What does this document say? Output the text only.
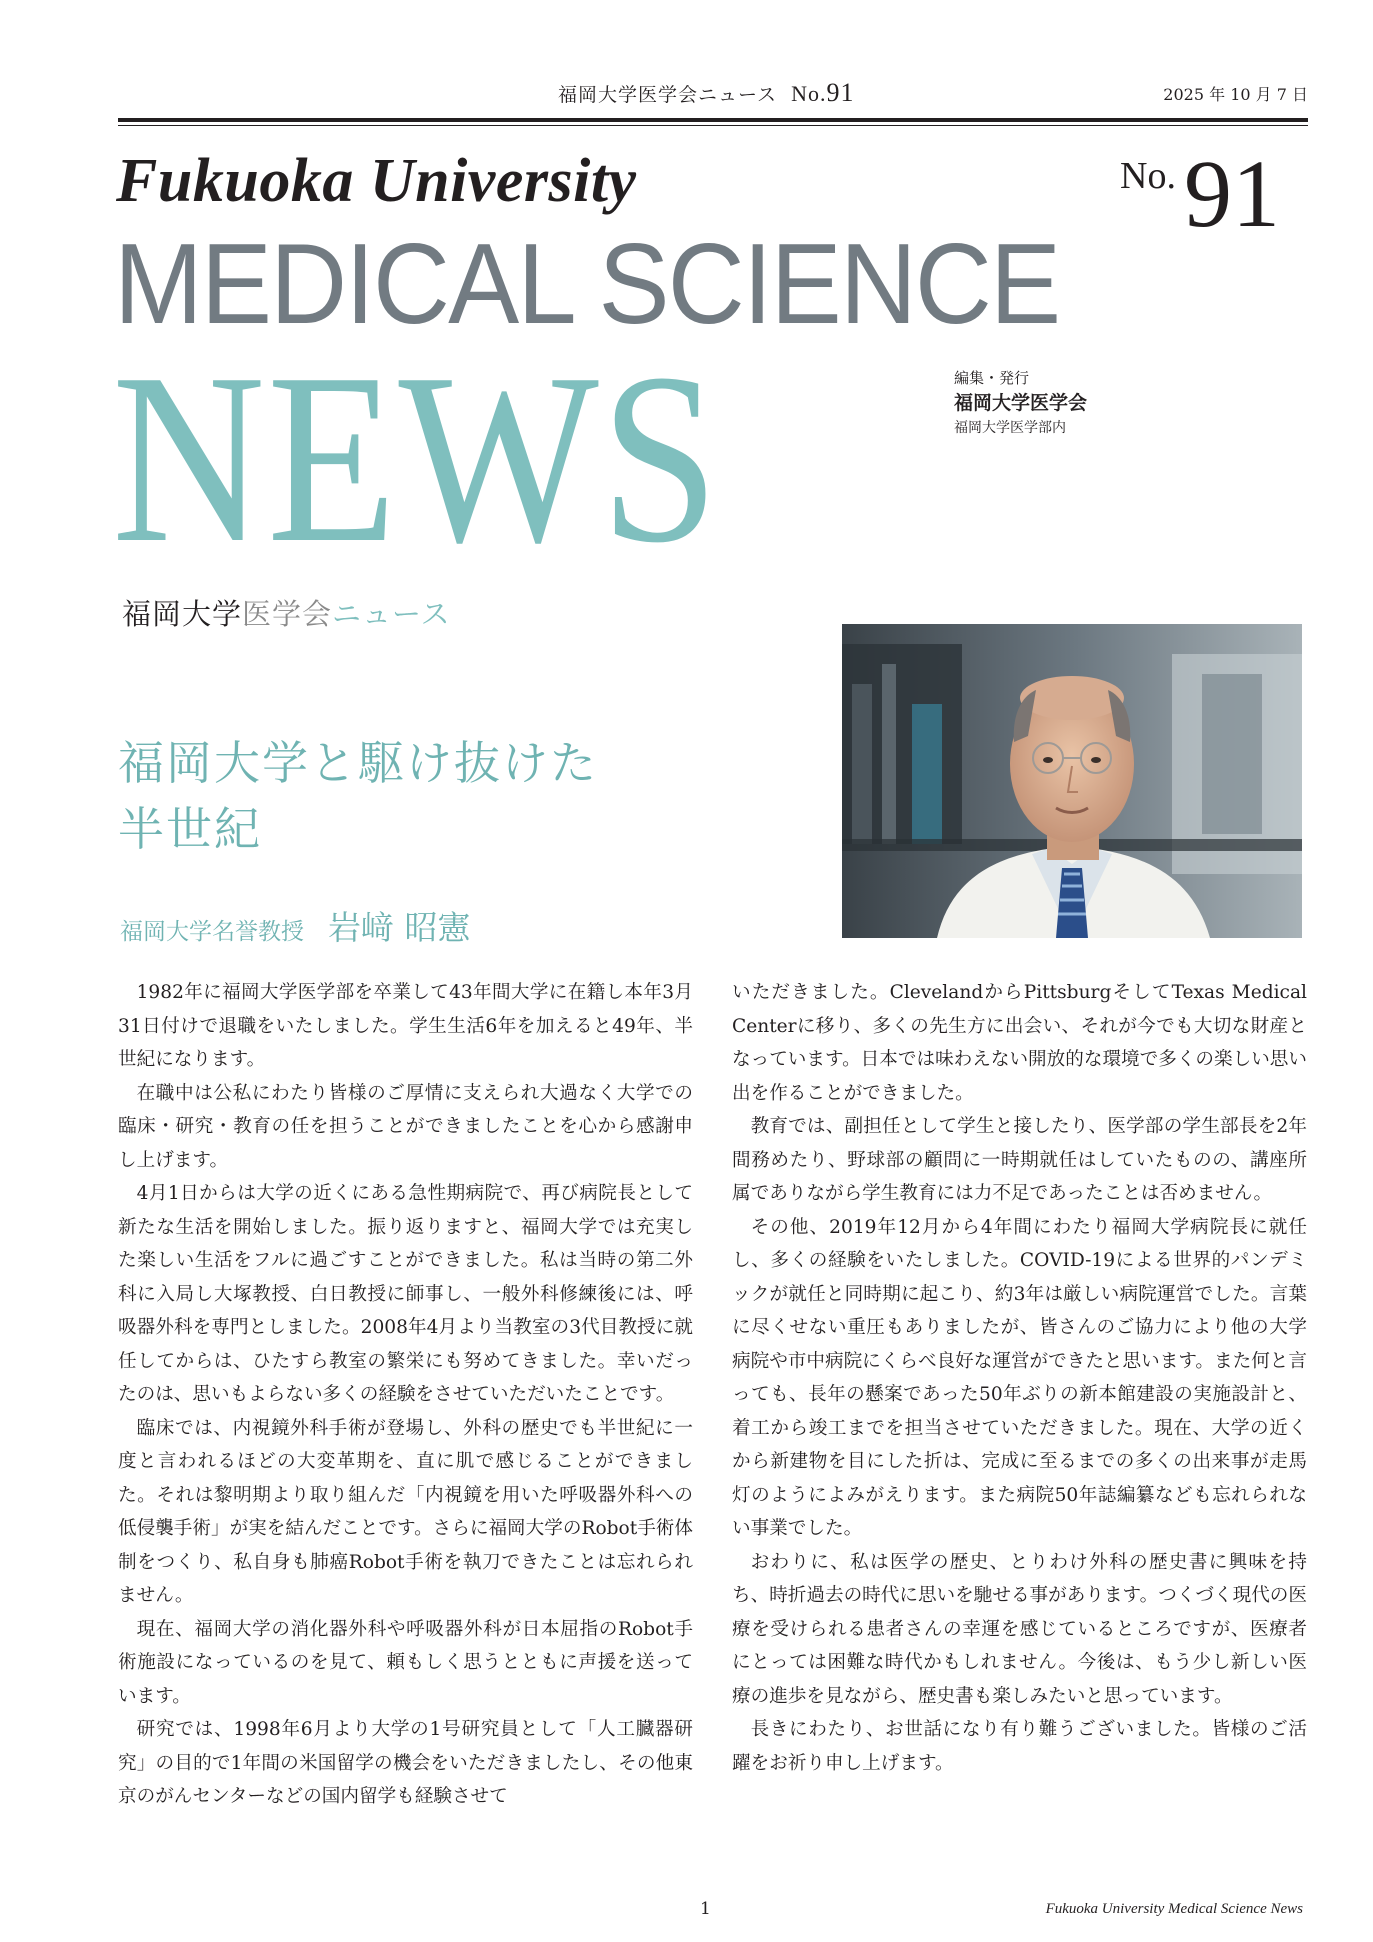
福岡大学医学会ニュース No.91	2025 年 10 月 7 日
Fukuoka University	No.91
MEDICAL SCIENCE
NEWS
福岡大学医学会ニュース
編集・発行
福岡大学医学会
福岡大学医学部内
福岡大学と駆け抜けた
半世紀
福岡大学名誉教授 岩﨑 昭憲

1982年に福岡大学医学部を卒業して43年間大学に在籍し本年3月31日付けで退職をいたしました。学生生活6年を加えると49年、半世紀になります。

在職中は公私にわたり皆様のご厚情に支えられ大過なく大学での臨床・研究・教育の任を担うことができましたことを心から感謝申し上げます。

4月1日からは大学の近くにある急性期病院で、再び病院長として新たな生活を開始しました。振り返りますと、福岡大学では充実した楽しい生活をフルに過ごすことができました。私は当時の第二外科に入局し大塚教授、白日教授に師事し、一般外科修練後には、呼吸器外科を専門としました。2008年4月より当教室の3代目教授に就任してからは、ひたすら教室の繁栄にも努めてきました。幸いだったのは、思いもよらない多くの経験をさせていただいたことです。

臨床では、内視鏡外科手術が登場し、外科の歴史でも半世紀に一度と言われるほどの大変革期を、直に肌で感じることができました。それは黎明期より取り組んだ「内視鏡を用いた呼吸器外科への低侵襲手術」が実を結んだことです。さらに福岡大学のRobot手術体制をつくり、私自身も肺癌Robot手術を執刀できたことは忘れられません。

現在、福岡大学の消化器外科や呼吸器外科が日本屈指のRobot手術施設になっているのを見て、頼もしく思うとともに声援を送っています。

研究では、1998年6月より大学の1号研究員として「人工臓器研究」の目的で1年間の米国留学の機会をいただきましたし、その他東京のがんセンターなどの国内留学も経験させて

いただきました。ClevelandからPittsburgそしてTexas Medical Centerに移り、多くの先生方に出会い、それが今でも大切な財産となっています。日本では味わえない開放的な環境で多くの楽しい思い出を作ることができました。

教育では、副担任として学生と接したり、医学部の学生部長を2年間務めたり、野球部の顧問に一時期就任はしていたものの、講座所属でありながら学生教育には力不足であったことは否めません。

その他、2019年12月から4年間にわたり福岡大学病院長に就任し、多くの経験をいたしました。COVID-19による世界的パンデミックが就任と同時期に起こり、約3年は厳しい病院運営でした。言葉に尽くせない重圧もありましたが、皆さんのご協力により他の大学病院や市中病院にくらべ良好な運営ができたと思います。また何と言っても、長年の懸案であった50年ぶりの新本館建設の実施設計と、着工から竣工までを担当させていただきました。現在、大学の近くから新建物を目にした折は、完成に至るまでの多くの出来事が走馬灯のようによみがえります。また病院50年誌編纂なども忘れられない事業でした。

おわりに、私は医学の歴史、とりわけ外科の歴史書に興味を持ち、時折過去の時代に思いを馳せる事があります。つくづく現代の医療を受けられる患者さんの幸運を感じているところですが、医療者にとっては困難な時代かもしれません。今後は、もう少し新しい医療の進歩を見ながら、歴史書も楽しみたいと思っています。

長きにわたり、お世話になり有り難うございました。皆様のご活躍をお祈り申し上げます。

1	Fukuoka University Medical Science News
